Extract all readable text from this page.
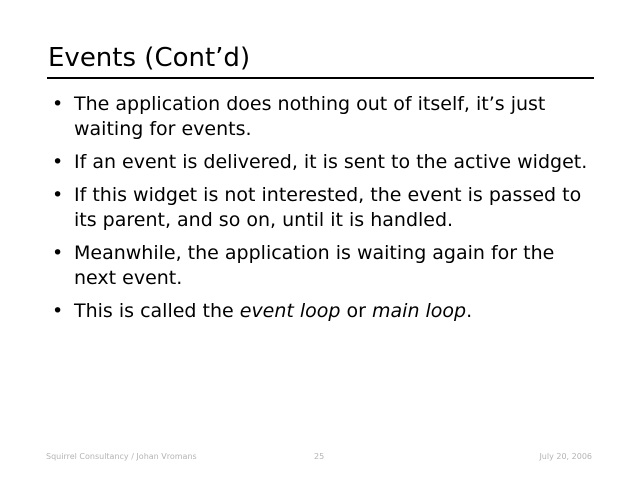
Events (Cont’d)
• The application does nothing out of itself, it’s just waiting for events.
• If an event is delivered, it is sent to the active widget.
• If this widget is not interested, the event is passed to its parent, and so on, until it is handled.
• Meanwhile, the application is waiting again for the next event.
• This is called the event loop or main loop.
Squirrel Consultancy / Johan Vromans	25	July 20, 2006
